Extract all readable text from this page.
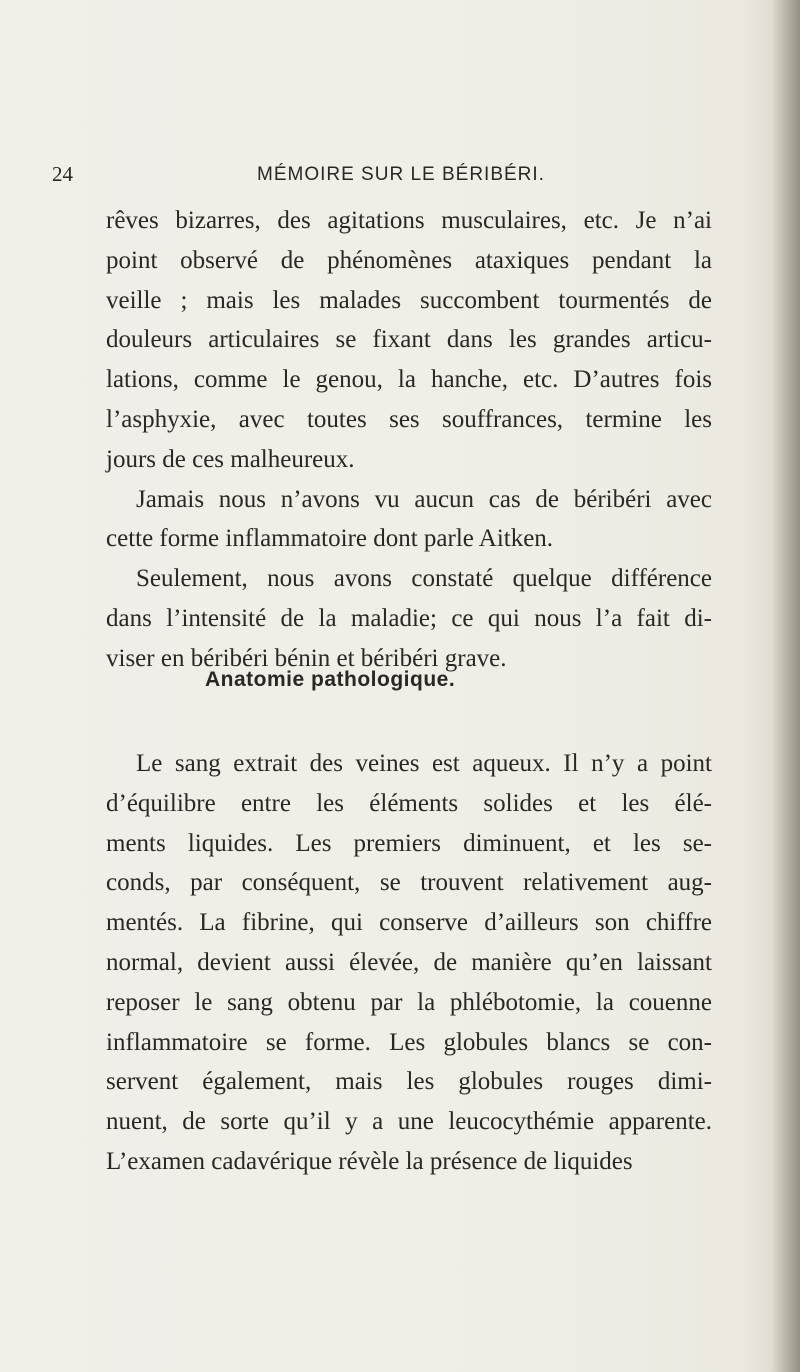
24	MÉMOIRE SUR LE BÉRIBÉRI.
rêves bizarres, des agitations musculaires, etc. Je n’ai
point observé de phénomènes ataxiques pendant la
veille ; mais les malades succombent tourmentés de
douleurs articulaires se fixant dans les grandes articu-
lations, comme le genou, la hanche, etc. D’autres fois
l’asphyxie, avec toutes ses souffrances, termine les
jours de ces malheureux.
Jamais nous n’avons vu aucun cas de béribéri avec
cette forme inflammatoire dont parle Aitken.
Seulement, nous avons constaté quelque différence
dans l’intensité de la maladie; ce qui nous l’a fait di-
viser en béribéri bénin et béribéri grave.
Anatomie pathologique.
Le sang extrait des veines est aqueux. Il n’y a point
d’équilibre entre les éléments solides et les élé-
ments liquides. Les premiers diminuent, et les se-
conds, par conséquent, se trouvent relativement aug-
mentés. La fibrine, qui conserve d’ailleurs son chiffre
normal, devient aussi élevée, de manière qu’en laissant
reposer le sang obtenu par la phlébotomie, la couenne
inflammatoire se forme. Les globules blancs se con-
servent également, mais les globules rouges dimi-
nuent, de sorte qu’il y a une leucocythémie apparente.
L’examen cadavérique révèle la présence de liquides
